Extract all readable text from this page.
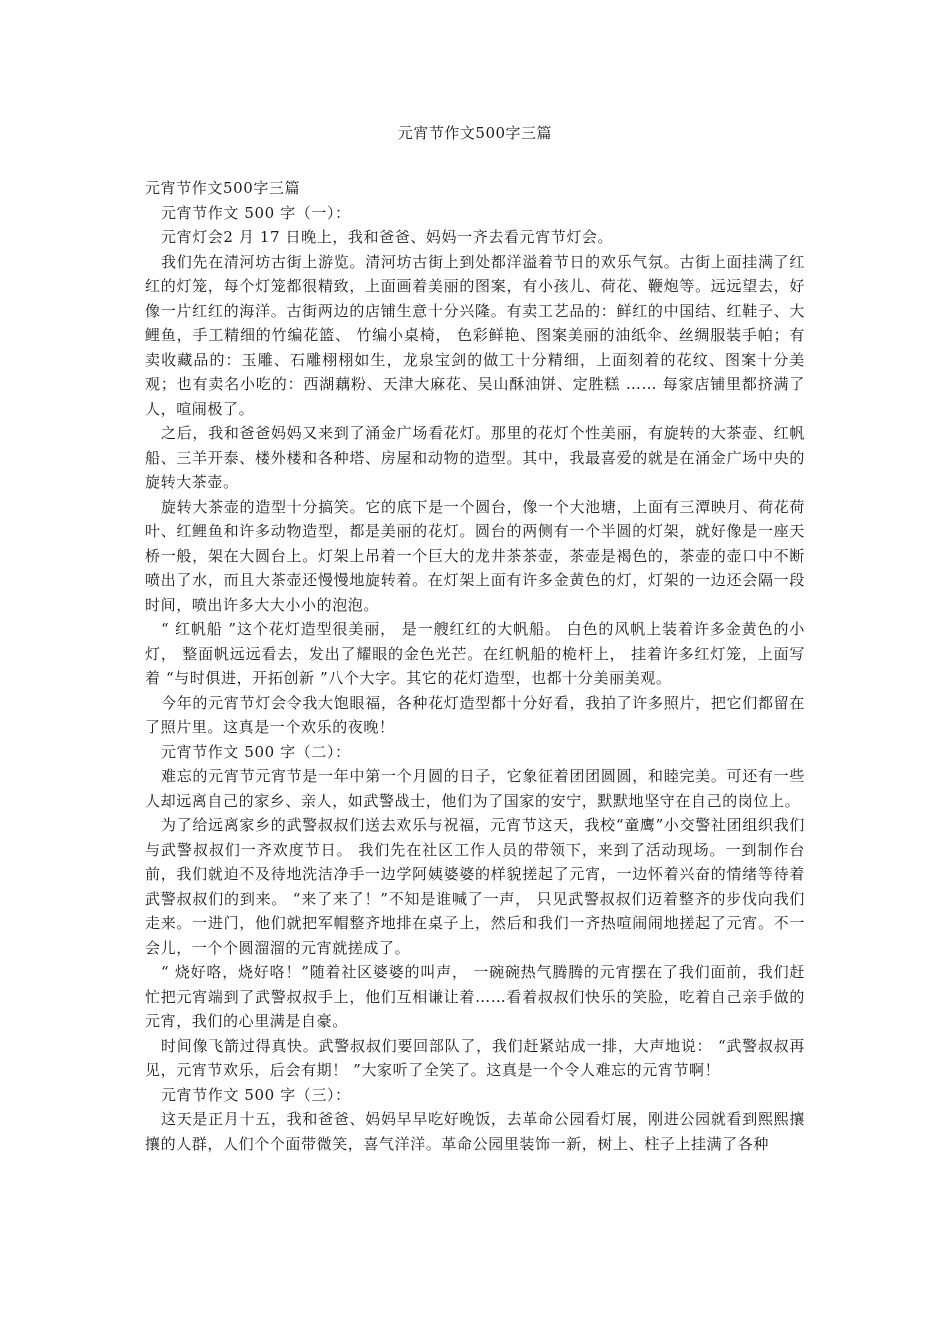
元宵节作文500字三篇

元宵节作文500字三篇

元宵节作文 500 字（一）：

元宵灯会2 月 17 日晚上，我和爸爸、妈妈一齐去看元宵节灯会。

我们先在清河坊古街上游览。清河坊古街上到处都洋溢着节日的欢乐气氛。古街上面挂满了红红的灯笼，每个灯笼都很精致，上面画着美丽的图案，有小孩儿、荷花、鞭炮等。远远望去，好像一片红红的海洋。古街两边的店铺生意十分兴隆。有卖工艺品的：鲜红的中国结、红鞋子、大鲤鱼，手工精细的竹编花篮、 竹编小桌椅， 色彩鲜艳、图案美丽的油纸伞、丝绸服装手帕；有卖收藏品的：玉雕、石雕栩栩如生，龙泉宝剑的做工十分精细，上面刻着的花纹、图案十分美观；也有卖名小吃的：西湖藕粉、天津大麻花、吴山酥油饼、定胜糕 …… 每家店铺里都挤满了人，喧闹极了。

之后，我和爸爸妈妈又来到了涌金广场看花灯。那里的花灯个性美丽，有旋转的大茶壶、红帆船、三羊开泰、楼外楼和各种塔、房屋和动物的造型。其中，我最喜爱的就是在涌金广场中央的旋转大茶壶。

旋转大茶壶的造型十分搞笑。它的底下是一个圆台，像一个大池塘，上面有三潭映月、荷花荷叶、红鲤鱼和许多动物造型，都是美丽的花灯。圆台的两侧有一个半圆的灯架，就好像是一座天桥一般，架在大圆台上。灯架上吊着一个巨大的龙井茶茶壶，茶壶是褐色的，茶壶的壶口中不断喷出了水，而且大茶壶还慢慢地旋转着。在灯架上面有许多金黄色的灯，灯架的一边还会隔一段时间，喷出许多大大小小的泡泡。

“ 红帆船 ”这个花灯造型很美丽， 是一艘红红的大帆船。 白色的风帆上装着许多金黄色的小灯， 整面帆远远看去，发出了耀眼的金色光芒。在红帆船的桅杆上， 挂着许多红灯笼，上面写着 “与时俱进，开拓创新 ”八个大字。其它的花灯造型，也都十分美丽美观。

今年的元宵节灯会令我大饱眼福，各种花灯造型都十分好看，我拍了许多照片，把它们都留在了照片里。这真是一个欢乐的夜晚！

元宵节作文 500 字（二）：

难忘的元宵节元宵节是一年中第一个月圆的日子，它象征着团团圆圆，和睦完美。可还有一些人却远离自己的家乡、亲人，如武警战士，他们为了国家的安宁，默默地坚守在自己的岗位上。

为了给远离家乡的武警叔叔们送去欢乐与祝福，元宵节这天，我校“童鹰”小交警社团组织我们与武警叔叔们一齐欢度节日。 我们先在社区工作人员的带领下，来到了活动现场。一到制作台前，我们就迫不及待地洗洁净手一边学阿姨婆婆的样貌搓起了元宵，一边怀着兴奋的情绪等待着武警叔叔们的到来。 “来了来了！”不知是谁喊了一声， 只见武警叔叔们迈着整齐的步伐向我们走来。一进门，他们就把军帽整齐地排在桌子上，然后和我们一齐热喧闹闹地搓起了元宵。不一会儿，一个个圆溜溜的元宵就搓成了。

“ 烧好咯，烧好咯！”随着社区婆婆的叫声， 一碗碗热气腾腾的元宵摆在了我们面前，我们赶忙把元宵端到了武警叔叔手上，他们互相谦让着……看着叔叔们快乐的笑脸，吃着自己亲手做的元宵，我们的心里满是自豪。

时间像飞箭过得真快。武警叔叔们要回部队了，我们赶紧站成一排，大声地说： “武警叔叔再见，元宵节欢乐，后会有期！ ”大家听了全笑了。这真是一个令人难忘的元宵节啊！

元宵节作文 500 字（三）：

这天是正月十五，我和爸爸、妈妈早早吃好晚饭，去革命公园看灯展，刚进公园就看到熙熙攘攘的人群，人们个个面带微笑，喜气洋洋。革命公园里装饰一新，树上、柱子上挂满了各种
